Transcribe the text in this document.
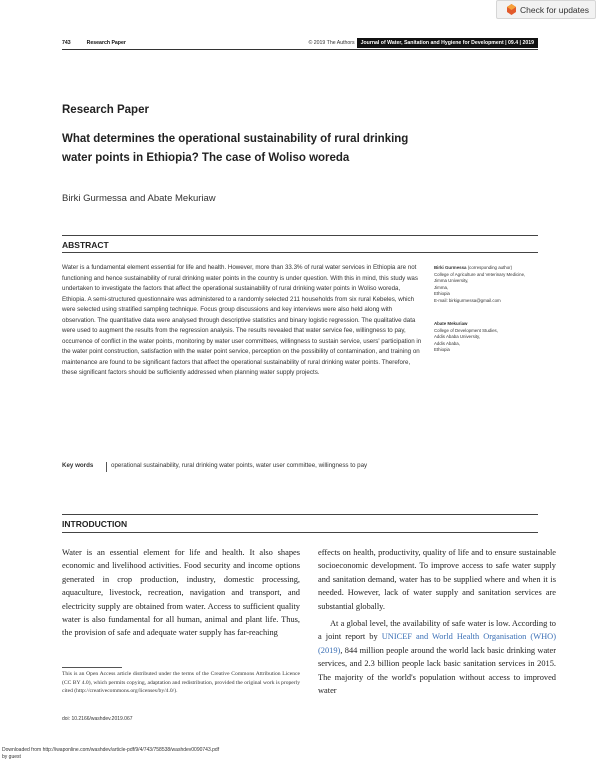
Check for updates
743	Research Paper	© 2019 The Authors	Journal of Water, Sanitation and Hygiene for Development | 09.4 | 2019
Research Paper
What determines the operational sustainability of rural drinking water points in Ethiopia? The case of Woliso woreda
Birki Gurmessa and Abate Mekuriaw
ABSTRACT

Water is a fundamental element essential for life and health. However, more than 33.3% of rural water services in Ethiopia are not functioning and hence sustainability of rural drinking water points in the country is under question. With this in mind, this study was undertaken to investigate the factors that affect the operational sustainability of rural drinking water points in Woliso woreda, Ethiopia. A semi-structured questionnaire was administered to a randomly selected 211 households from six rural Kebeles, which were selected using stratified sampling technique. Focus group discussions and key interviews were also held along with observation. The quantitative data were analysed through descriptive statistics and binary logistic regression. The qualitative data were used to augment the results from the regression analysis. The results revealed that water service fee, willingness to pay, occurrence of conflict in the water points, monitoring by water user committees, willingness to sustain service, users' participation in the water point construction, satisfaction with the water point service, perception on the possibility of contamination, and training on maintenance are found to be significant factors that affect the operational sustainability of rural drinking water points. Therefore, these significant factors should be sufficiently addressed when planning water supply projects.

Key words	operational sustainability, rural drinking water points, water user committee, willingness to pay
Birki Gurmessa (corresponding author)
College of Agriculture and Veterinary Medicine,
Jimma University,
Jimma,
Ethiopia
E-mail: birkigurmessa@gmail.com
Abate Mekuriaw
College of Development Studies,
Addis Ababa University,
Addis Ababa,
Ethiopia
INTRODUCTION

Water is an essential element for life and health. It also shapes economic and livelihood activities. Food security and income options generated in crop production, industry, domestic processing, aquaculture, livestock, recreation, navigation and transport, and electricity supply are obtained from water. Access to sufficient quality water is also fundamental for all human, animal and plant life. Thus, the provision of safe and adequate water supply has far-reaching

effects on health, productivity, quality of life and to ensure sustainable socioeconomic development. To improve access to safe water supply and sanitation demand, water has to be supplied where and when it is needed. However, lack of water supply and sanitation services are substantial globally.

At a global level, the availability of safe water is low. According to a joint report by UNICEF and World Health Organisation (WHO) (2019), 844 million people around the world lack basic drinking water services, and 2.3 billion people lack basic sanitation services in 2015. The majority of the world's population without access to improved water

This is an Open Access article distributed under the terms of the Creative Commons Attribution Licence (CC BY 4.0), which permits copying, adaptation and redistribution, provided the original work is properly cited (http://creativecommons.org/licenses/by/4.0/).
doi: 10.2166/washdev.2019.067
Downloaded from http://iwaponline.com/washdev/article-pdf/9/4/743/758538/washdev0090743.pdf
by guest
